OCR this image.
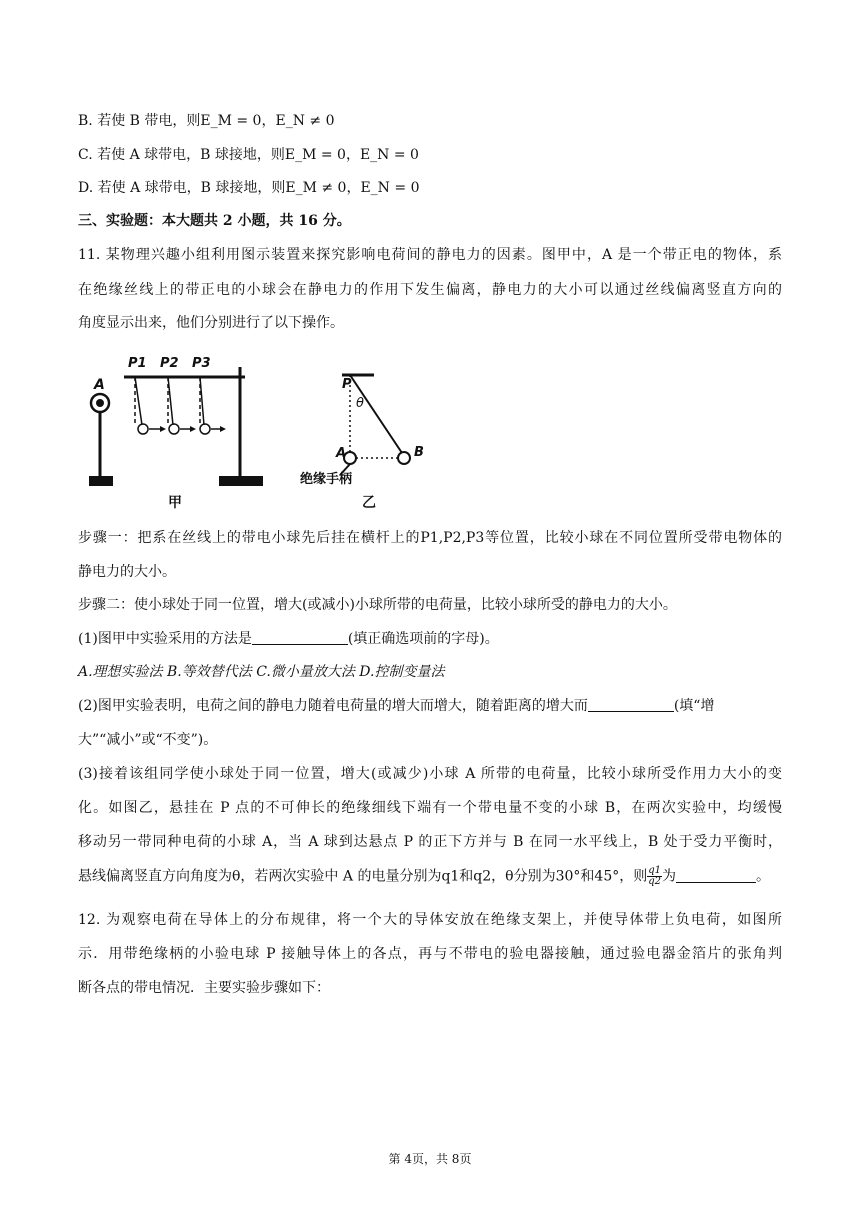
B. 若使 B 带电，则E_M = 0，E_N ≠ 0
C. 若使 A 球带电，B 球接地，则E_M = 0，E_N = 0
D. 若使 A 球带电，B 球接地，则E_M ≠ 0，E_N = 0
三、实验题：本大题共 2 小题，共 16 分。
11. 某物理兴趣小组利用图示装置来探究影响电荷间的静电力的因素。图甲中，A 是一个带正电的物体，系
在绝缘丝线上的带正电的小球会在静电力的作用下发生偏离，静电力的大小可以通过丝线偏离竖直方向的
角度显示出来，他们分别进行了以下操作。
P1 P2 P3
A
甲
P
θ
A	B
绝缘手柄
乙
步骤一：把系在丝线上的带电小球先后挂在横杆上的P1,P2,P3等位置，比较小球在不同位置所受带电物体的
静电力的大小。
步骤二：使小球处于同一位置，增大(或减小)小球所带的电荷量，比较小球所受的静电力的大小。
(1)图甲中实验采用的方法是	(填正确选项前的字母)。
A.理想实验法 B.等效替代法 C.微小量放大法 D.控制变量法
(2)图甲实验表明，电荷之间的静电力随着电荷量的增大而增大，随着距离的增大而	(填“增
大”“减小”或“不变”)。
(3)接着该组同学使小球处于同一位置，增大(或减少)小球 A 所带的电荷量，比较小球所受作用力大小的变
化。如图乙，悬挂在 P 点的不可伸长的绝缘细线下端有一个带电量不变的小球 B，在两次实验中，均缓慢
移动另一带同种电荷的小球 A，当 A 球到达悬点 P 的正下方并与 B 在同一水平线上，B 处于受力平衡时，
悬线偏离竖直方向角度为θ，若两次实验中 A 的电量分别为q1和q2，θ分别为30°和45°，则 $\frac{q1}{q2}$ 为	。
12. 为观察电荷在导体上的分布规律，将一个大的导体安放在绝缘支架上，并使导体带上负电荷，如图所
示．用带绝缘柄的小验电球 P 接触导体上的各点，再与不带电的验电器接触，通过验电器金箔片的张角判
断各点的带电情况．主要实验步骤如下：
第 4页，共 8页
